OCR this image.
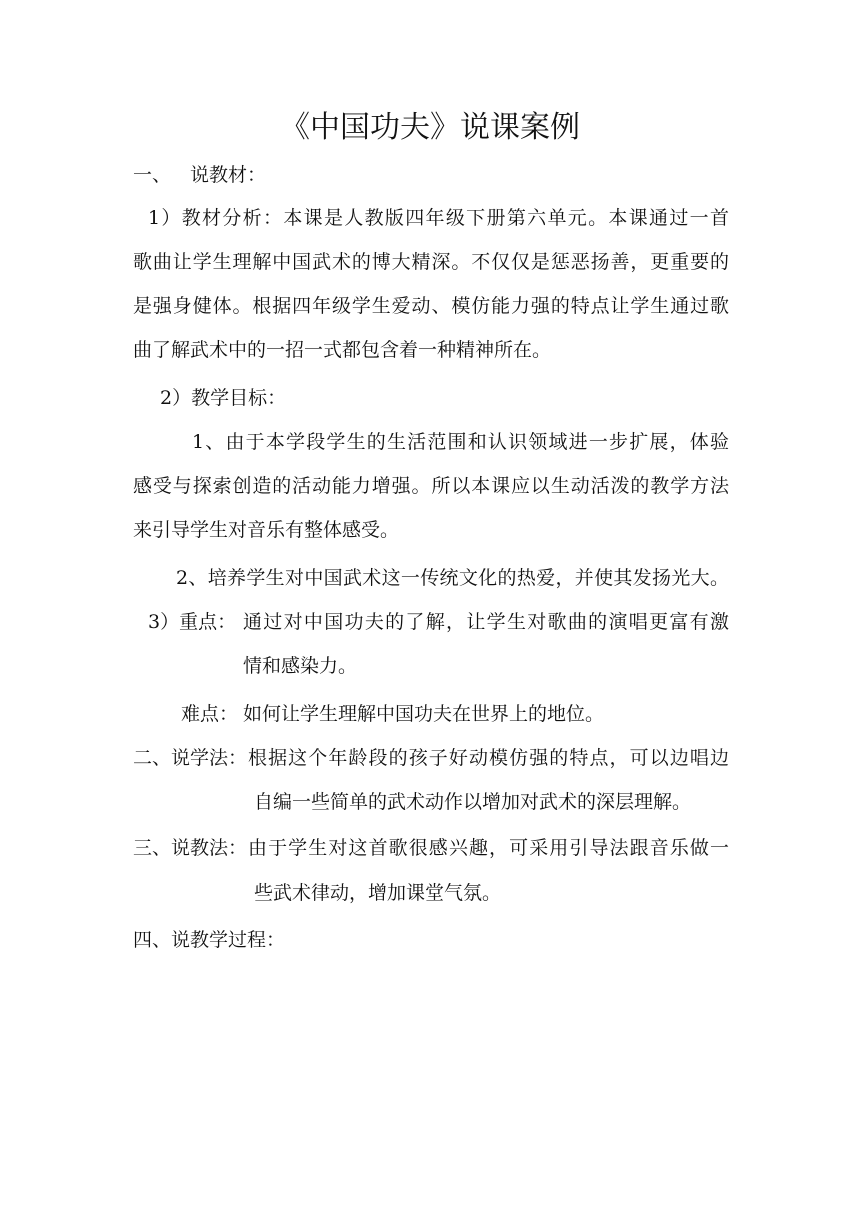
《中国功夫》说课案例
一、 说教材：
1）教材分析：本课是人教版四年级下册第六单元。本课通过一首
歌曲让学生理解中国武术的博大精深。不仅仅是惩恶扬善，更重要的
是强身健体。根据四年级学生爱动、模仿能力强的特点让学生通过歌
曲了解武术中的一招一式都包含着一种精神所在。
2）教学目标：
1、由于本学段学生的生活范围和认识领域进一步扩展，体验
感受与探索创造的活动能力增强。所以本课应以生动活泼的教学方法
来引导学生对音乐有整体感受。
2、培养学生对中国武术这一传统文化的热爱，并使其发扬光大。
3）重点： 通过对中国功夫的了解，让学生对歌曲的演唱更富有激
情和感染力。
难点： 如何让学生理解中国功夫在世界上的地位。
二、说学法： 根据这个年龄段的孩子好动模仿强的特点，可以边唱边
自编一些简单的武术动作以增加对武术的深层理解。
三、说教法： 由于学生对这首歌很感兴趣，可采用引导法跟音乐做一
些武术律动，增加课堂气氛。
四、说教学过程：
